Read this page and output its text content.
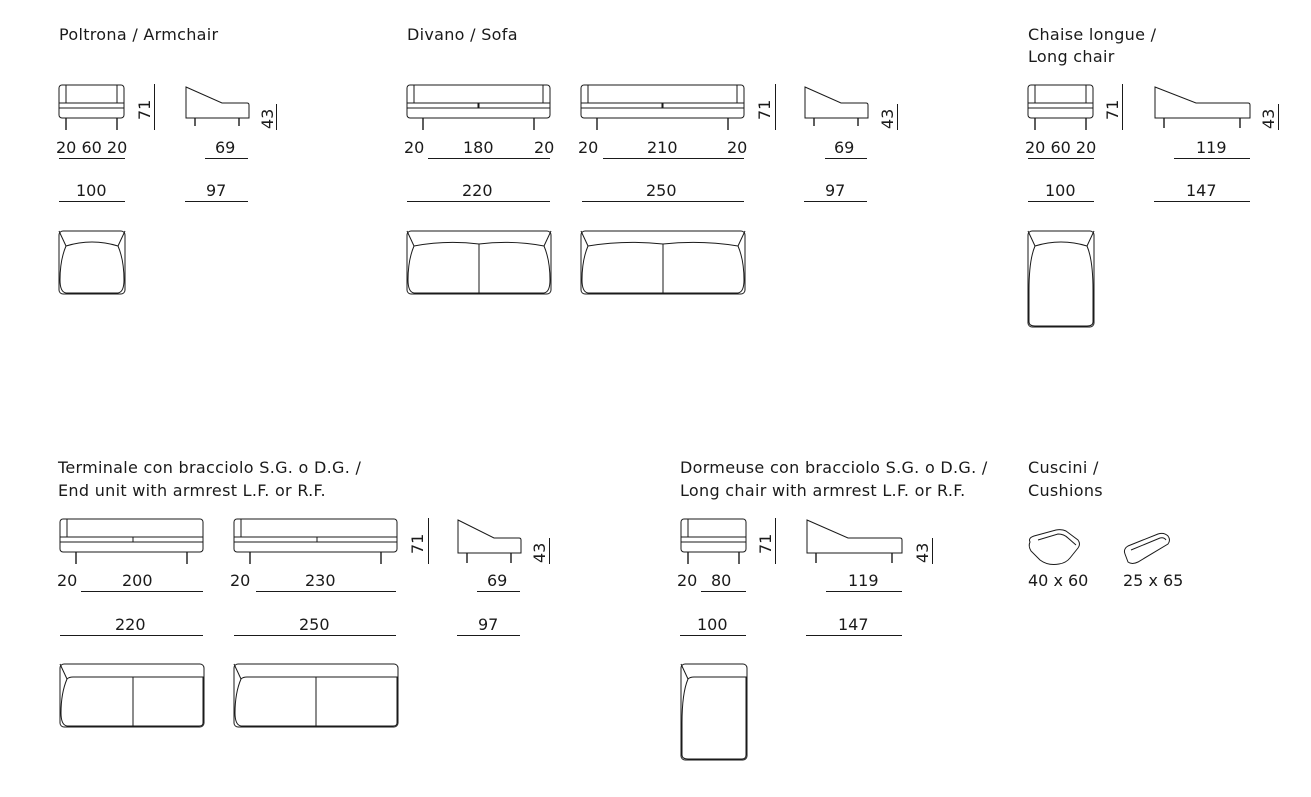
Poltrona / Armchair
71
20 60 20
43
69
100	97
Divano / Sofa
20 180	20 20	210	20
71	43
69
220	250	97
Chaise longue /
Long chair
71
20 60 20
43
119
100	147
Terminale con bracciolo S.G. o D.G. /
End unit with armrest L.F. or R.F.
20	200	20	230
71	43
69
220	250	97
Dormeuse con bracciolo S.G. o D.G. /
Long chair with armrest L.F. or R.F.
71
20 80
43
119
100	147
Cuscini /
Cushions
40 x 60 25 x 65
